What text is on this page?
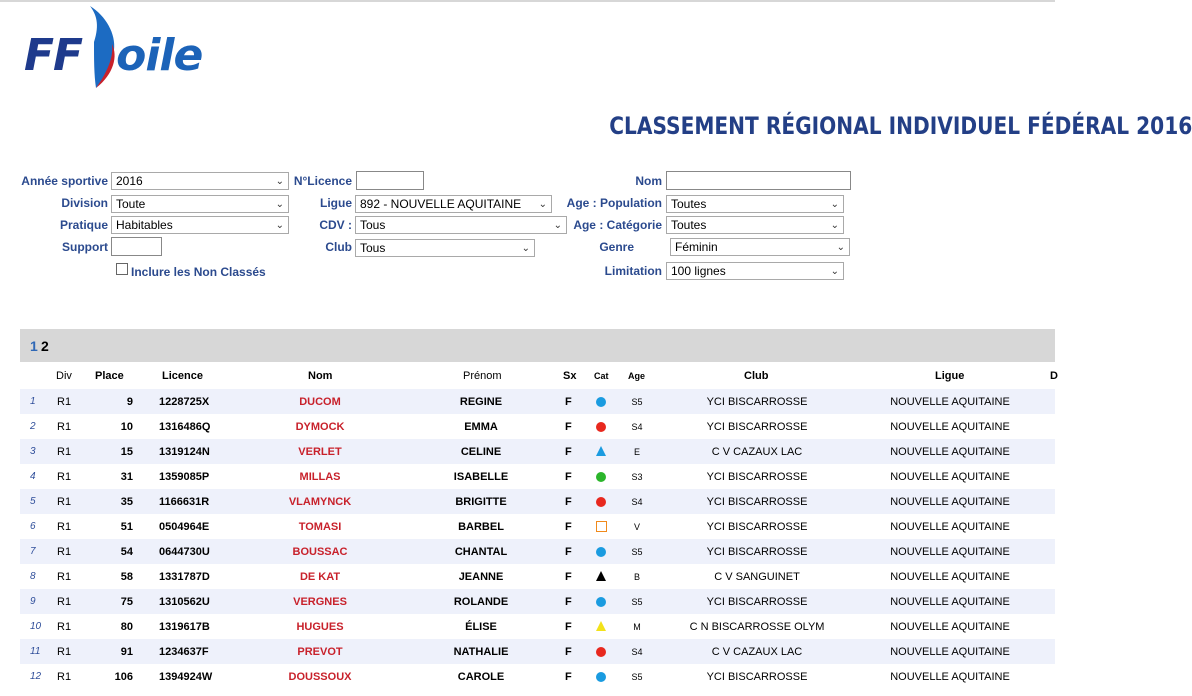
FF oile
CLASSEMENT RÉGIONAL INDIVIDUEL FÉDÉRAL 2016
Année sportive 2016	⌄ N°Licence	Nom
Division Toute	⌄	Ligue 892 - NOUVELLE AQUITAINE ⌄	Age : Population Toutes	⌄
Pratique Habitables	⌄	CDV : Tous	⌄ Age : Catégorie Toutes	⌄
Support	Club Tous	⌄	Genre	Féminin	⌄
Inclure les Non Classés	Limitation 100 lignes	⌄
1 2
Div Place	Licence	Nom	Prénom	Sx Cat Age	Club	Ligue	D
1 R1	9 1228725X	DUCOM	REGINE	F	S5	YCI BISCARROSSE	NOUVELLE AQUITAINE
2 R1	10 1316486Q	DYMOCK	EMMA	F	S4	YCI BISCARROSSE	NOUVELLE AQUITAINE
3 R1	15 1319124N	VERLET	CELINE	F	E	C V CAZAUX LAC	NOUVELLE AQUITAINE
4 R1	31 1359085P	MILLAS	ISABELLE	F	S3	YCI BISCARROSSE	NOUVELLE AQUITAINE
5 R1	35 1166631R	VLAMYNCK	BRIGITTE	F	S4	YCI BISCARROSSE	NOUVELLE AQUITAINE
6 R1	51 0504964E	TOMASI	BARBEL	F	V	YCI BISCARROSSE	NOUVELLE AQUITAINE
7 R1	54 0644730U	BOUSSAC	CHANTAL	F	S5	YCI BISCARROSSE	NOUVELLE AQUITAINE
8 R1	58 1331787D	DE KAT	JEANNE	F	B	C V SANGUINET	NOUVELLE AQUITAINE
9 R1	75 1310562U	VERGNES	ROLANDE	F	S5	YCI BISCARROSSE	NOUVELLE AQUITAINE
10 R1	80 1319617B	HUGUES	ÉLISE	F	M	C N BISCARROSSE OLYM	NOUVELLE AQUITAINE
11 R1	91 1234637F	PREVOT	NATHALIE	F	S4	C V CAZAUX LAC	NOUVELLE AQUITAINE
12 R1	106 1394924W	DOUSSOUX	CAROLE	F	S5	YCI BISCARROSSE	NOUVELLE AQUITAINE
